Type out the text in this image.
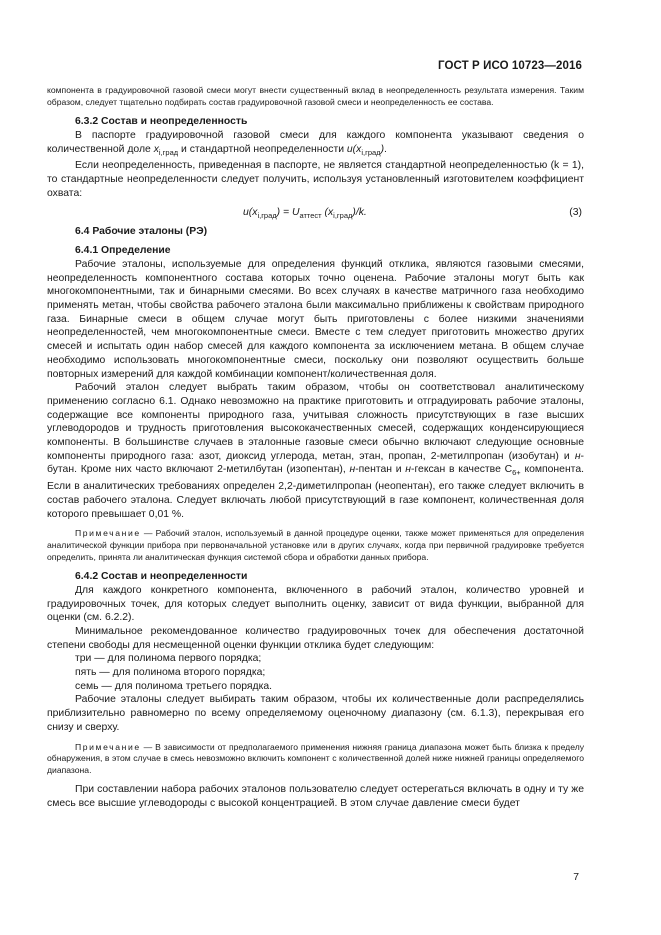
ГОСТ Р ИСО 10723—2016

компонента в градуировочной газовой смеси могут внести существенный вклад в неопределенность результата измерения. Таким образом, следует тщательно подбирать состав градуировочной газовой смеси и неопределенность ее состава.

6.3.2 Состав и неопределенность

В паспорте градуировочной газовой смеси для каждого компонента указывают сведения о количественной доле $x_{i,град}$ и стандартной неопределенности $u(x_{i,град})$.

Если неопределенность, приведенная в паспорте, не является стандартной неопределенностью (k = 1), то стандартные неопределенности следует получить, используя установленный изготовителем коэффициент охвата:

$u(x_{i,град}) = U_{аттест}$ $(x_{i,град})/k$.	(3)

6.4 Рабочие эталоны (РЭ)

6.4.1 Определение

Рабочие эталоны, используемые для определения функций отклика, являются газовыми смесями, неопределенность компонентного состава которых точно оценена. Рабочие эталоны могут быть как многокомпонентными, так и бинарными смесями. Во всех случаях в качестве матричного газа необходимо применять метан, чтобы свойства рабочего эталона были максимально приближены к свойствам природного газа. Бинарные смеси в общем случае могут быть приготовлены с более низкими значениями неопределенностей, чем многокомпонентные смеси. Вместе с тем следует приготовить множество других смесей и испытать один набор смесей для каждого компонента за исключением метана. В общем случае необходимо использовать многокомпонентные смеси, поскольку они позволяют осуществить больше повторных измерений для каждой комбинации компонент/количественная доля.

Рабочий эталон следует выбрать таким образом, чтобы он соответствовал аналитическому применению согласно 6.1. Однако невозможно на практике приготовить и отградуировать рабочие эталоны, содержащие все компоненты природного газа, учитывая сложность присутствующих в газе высших углеводородов и трудность приготовления высококачественных смесей, содержащих конденсирующиеся компоненты. В большинстве случаев в эталонные газовые смеси обычно включают следующие основные компоненты природного газа: азот, диоксид углерода, метан, этан, пропан, 2-метилпропан (изобутан) и н-бутан. Кроме них часто включают 2-метилбутан (изопентан), н-пентан и н-гексан в качестве $C_{6+}$ компонента. Если в аналитических требованиях определен 2,2-диметилпропан (неопентан), его также следует включить в состав рабочего эталона. Следует включать любой присутствующий в газе компонент, количественная доля которого превышает 0,01 %.

Примечание — Рабочий эталон, используемый в данной процедуре оценки, также может применяться для определения аналитической функции прибора при первоначальной установке или в других случаях, когда при первичной градуировке требуется определить, принята ли аналитическая функция системой сбора и обработки данных прибора.

6.4.2 Состав и неопределенности

Для каждого конкретного компонента, включенного в рабочий эталон, количество уровней и градуировочных точек, для которых следует выполнить оценку, зависит от вида функции, выбранной для оценки (см. 6.2.2).

Минимальное рекомендованное количество градуировочных точек для обеспечения достаточной степени свободы для несмещенной оценки функции отклика будет следующим:

три — для полинома первого порядка;

пять — для полинома второго порядка;

семь — для полинома третьего порядка.

Рабочие эталоны следует выбирать таким образом, чтобы их количественные доли распределялись приблизительно равномерно по всему определяемому оценочному диапазону (см. 6.1.3), перекрывая его снизу и сверху.

Примечание — В зависимости от предполагаемого применения нижняя граница диапазона может быть близка к пределу обнаружения, в этом случае в смесь невозможно включить компонент с количественной долей ниже нижней границы определяемого диапазона.

При составлении набора рабочих эталонов пользователю следует остерегаться включать в одну и ту же смесь все высшие углеводороды с высокой концентрацией. В этом случае давление смеси будет

7
